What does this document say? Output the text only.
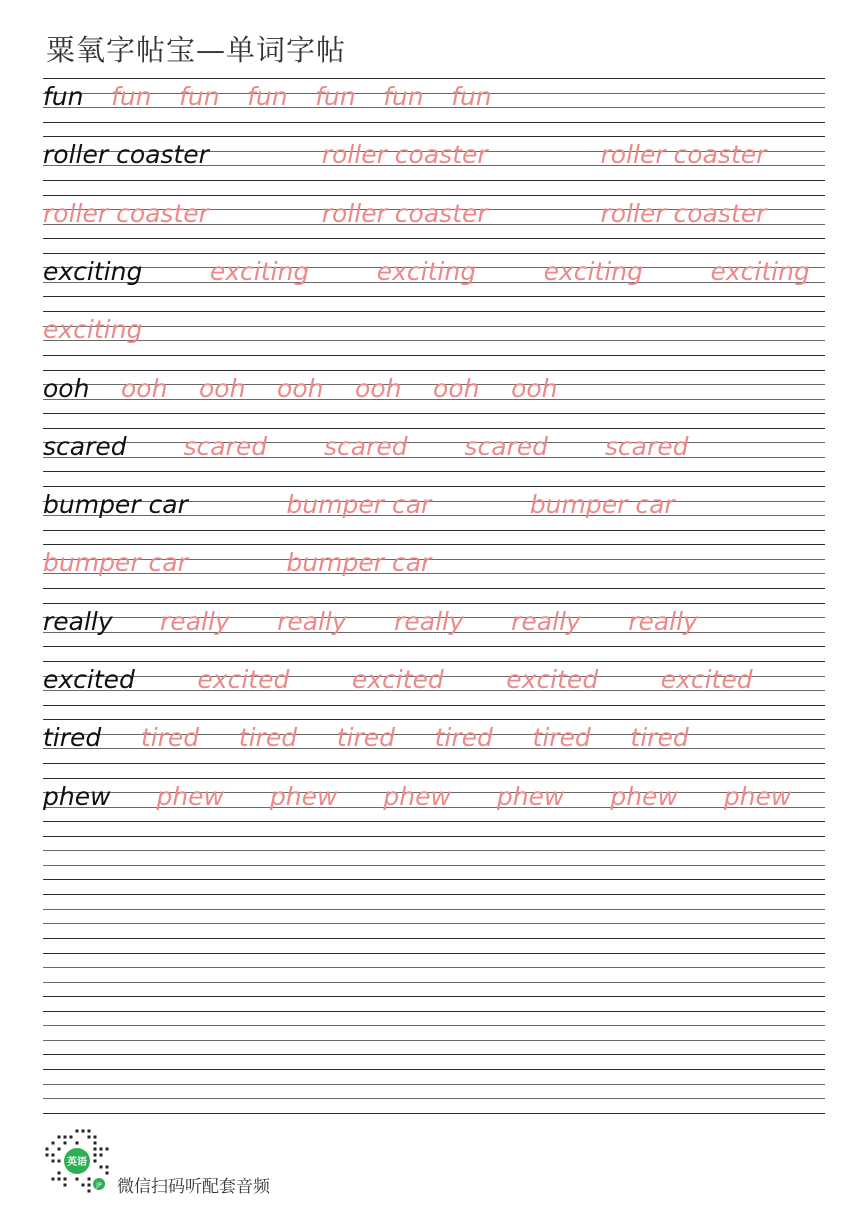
粟氧字帖宝—单词字帖
fun fun fun fun fun fun fun
roller coaster	roller coaster	roller coaster
roller coaster	roller coaster	roller coaster
exciting	exciting	exciting	exciting	exciting
exciting
ooh ooh ooh ooh ooh ooh ooh
scared scared scared scared scared
bumper car	bumper car	bumper car
bumper car	bumper car
really really really really really really
excited	excited	excited	excited	excited
tired tired tired tired tired tired tired
phew phew phew phew phew phew phew
英语
JP 微信扫码听配套音频
